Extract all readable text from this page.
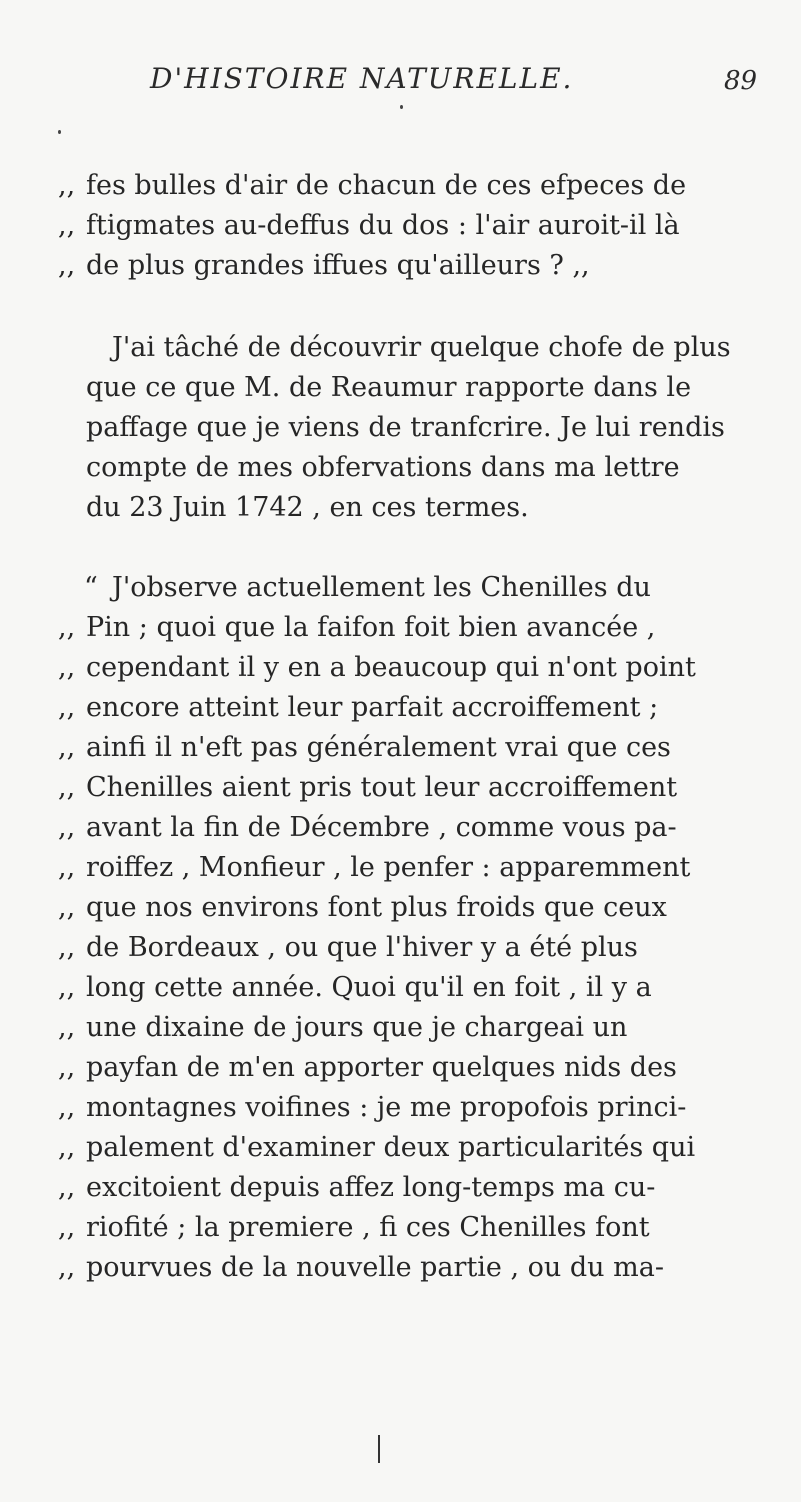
D'HISTOIRE NATURELLE.	89
,, fes bulles d'air de chacun de ces efpeces de
,, ftigmates au-deffus du dos : l'air auroit-il là
,, de plus grandes iffues qu'ailleurs ? ,,
J'ai tâché de découvrir quelque chofe de plus
que ce que M. de Reaumur rapporte dans le
paffage que je viens de tranfcrire. Je lui rendis
compte de mes obfervations dans ma lettre
du 23 Juin 1742 , en ces termes.
“ J'observe actuellement les Chenilles du
,, Pin ; quoi que la faifon foit bien avancée ,
,, cependant il y en a beaucoup qui n'ont point
,, encore atteint leur parfait accroiffement ;
,, ainfi il n'eft pas généralement vrai que ces
,, Chenilles aient pris tout leur accroiffement
,, avant la fin de Décembre , comme vous pa-
,, roiffez , Monfieur , le penfer : apparemment
,, que nos environs font plus froids que ceux
,, de Bordeaux , ou que l'hiver y a été plus
,, long cette année. Quoi qu'il en foit , il y a
,, une dixaine de jours que je chargeai un
,, payfan de m'en apporter quelques nids des
,, montagnes voifines : je me propofois princi-
,, palement d'examiner deux particularités qui
,, excitoient depuis affez long-temps ma cu-
,, riofité ; la premiere , fi ces Chenilles font
,, pourvues de la nouvelle partie , ou du ma-
